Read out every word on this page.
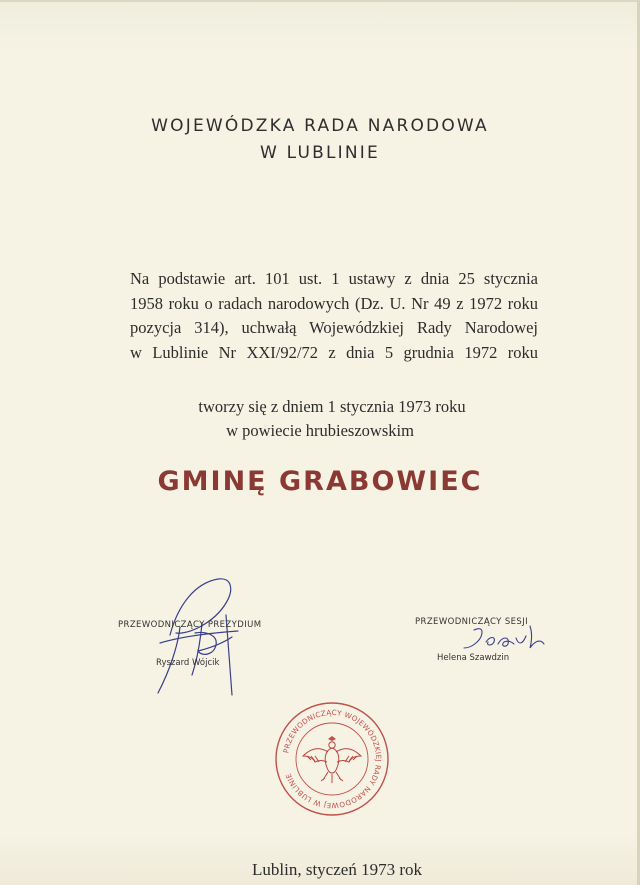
WOJEWÓDZKA RADA NARODOWA
W LUBLINIE
Na podstawie art. 101 ust. 1 ustawy z dnia 25 stycznia
1958 roku o radach narodowych (Dz. U. Nr 49 z 1972 roku
pozycja 314), uchwałą Wojewódzkiej Rady Narodowej
w Lublinie Nr XXI/92/72 z dnia 5 grudnia 1972 roku
tworzy się z dniem 1 stycznia 1973 roku
w powiecie hrubieszowskim
GMINĘ GRABOWIEC
PRZEWODNICZĄCY PREZYDIUM
Ryszard Wójcik
PRZEWODNICZĄCY SESJI
Helena Szawdzin
PRZEWODNICZĄCY WOJEWÓDZKIEJ RADY NARODOWEJ W LUBLINIE
Lublin, styczeń 1973 rok
